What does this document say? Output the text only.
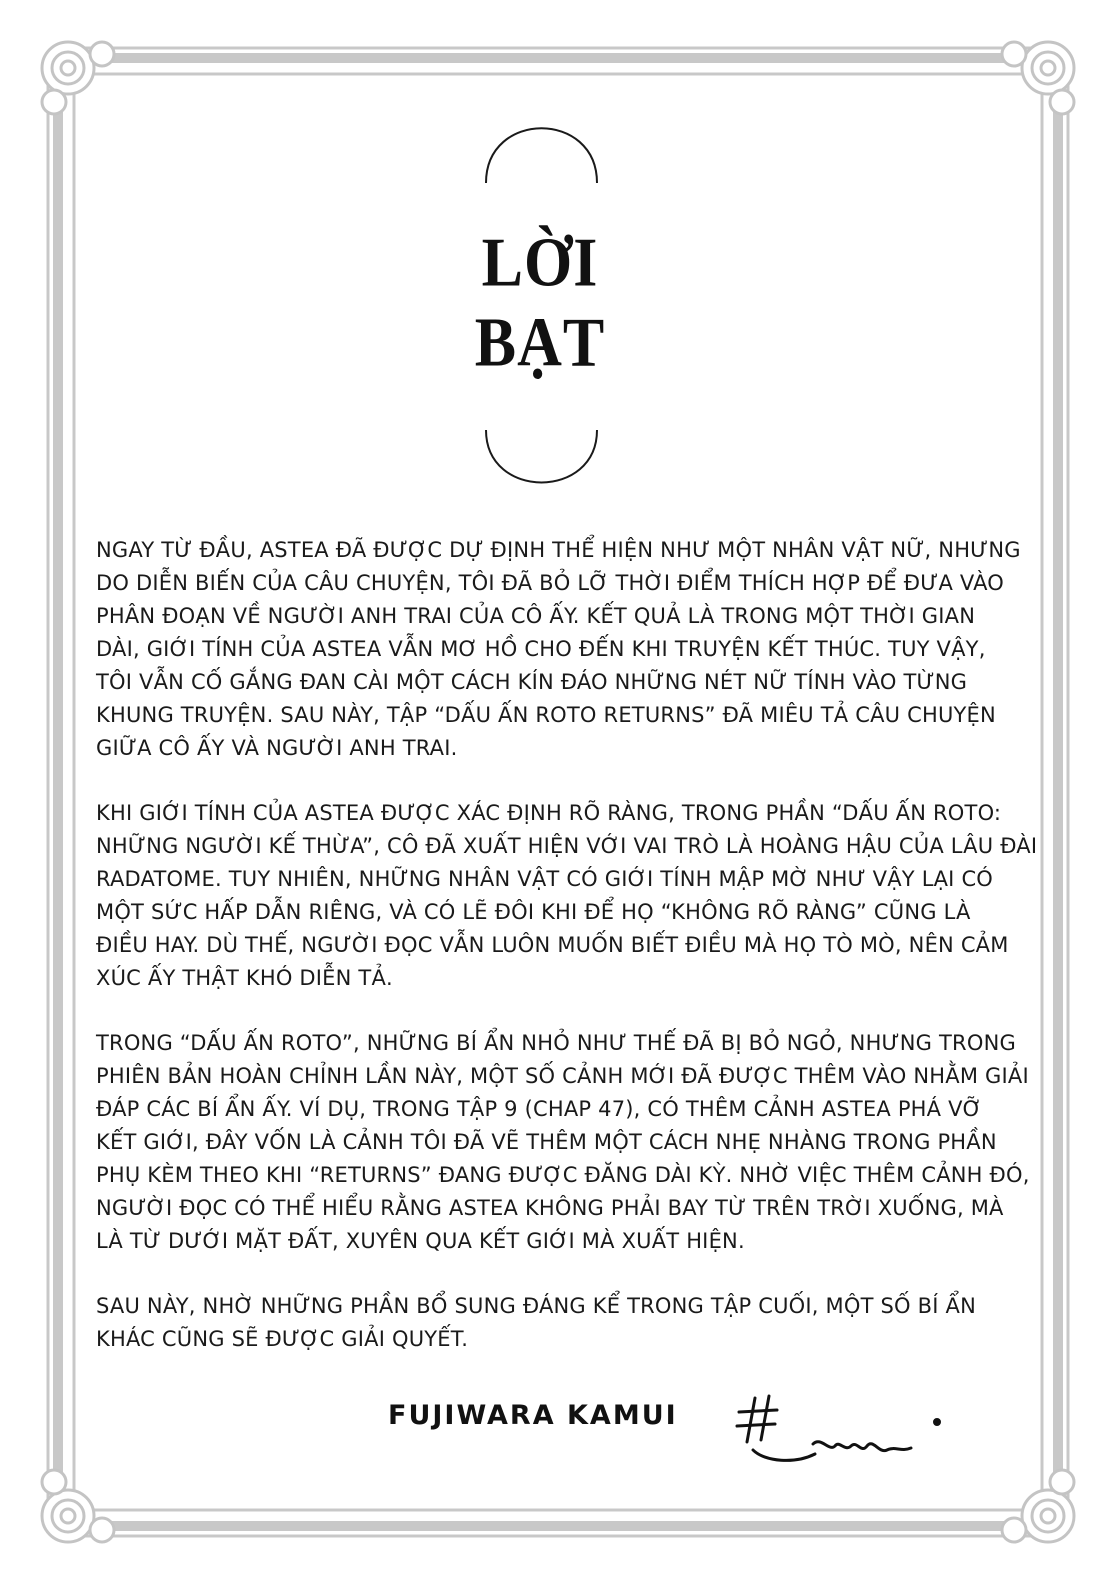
LỜI
BẠT
NGAY TỪ ĐẦU, ASTEA ĐÃ ĐƯỢC DỰ ĐỊNH THỂ HIỆN NHƯ MỘT NHÂN VẬT NỮ, NHƯNG
DO DIỄN BIẾN CỦA CÂU CHUYỆN, TÔI ĐÃ BỎ LỠ THỜI ĐIỂM THÍCH HỢP ĐỂ ĐƯA VÀO
PHÂN ĐOẠN VỀ NGƯỜI ANH TRAI CỦA CÔ ẤY. KẾT QUẢ LÀ TRONG MỘT THỜI GIAN
DÀI, GIỚI TÍNH CỦA ASTEA VẪN MƠ HỒ CHO ĐẾN KHI TRUYỆN KẾT THÚC. TUY VẬY,
TÔI VẪN CỐ GẮNG ĐAN CÀI MỘT CÁCH KÍN ĐÁO NHỮNG NÉT NỮ TÍNH VÀO TỪNG
KHUNG TRUYỆN. SAU NÀY, TẬP “DẤU ẤN ROTO RETURNS” ĐÃ MIÊU TẢ CÂU CHUYỆN
GIỮA CÔ ẤY VÀ NGƯỜI ANH TRAI.
KHI GIỚI TÍNH CỦA ASTEA ĐƯỢC XÁC ĐỊNH RÕ RÀNG, TRONG PHẦN “DẤU ẤN ROTO:
NHỮNG NGƯỜI KẾ THỪA”, CÔ ĐÃ XUẤT HIỆN VỚI VAI TRÒ LÀ HOÀNG HẬU CỦA LÂU ĐÀI
RADATOME. TUY NHIÊN, NHỮNG NHÂN VẬT CÓ GIỚI TÍNH MẬP MỜ NHƯ VẬY LẠI CÓ
MỘT SỨC HẤP DẪN RIÊNG, VÀ CÓ LẼ ĐÔI KHI ĐỂ HỌ “KHÔNG RÕ RÀNG” CŨNG LÀ
ĐIỀU HAY. DÙ THẾ, NGƯỜI ĐỌC VẪN LUÔN MUỐN BIẾT ĐIỀU MÀ HỌ TÒ MÒ, NÊN CẢM
XÚC ẤY THẬT KHÓ DIỄN TẢ.
TRONG “DẤU ẤN ROTO”, NHỮNG BÍ ẨN NHỎ NHƯ THẾ ĐÃ BỊ BỎ NGỎ, NHƯNG TRONG
PHIÊN BẢN HOÀN CHỈNH LẦN NÀY, MỘT SỐ CẢNH MỚI ĐÃ ĐƯỢC THÊM VÀO NHẰM GIẢI
ĐÁP CÁC BÍ ẨN ẤY. VÍ DỤ, TRONG TẬP 9 (CHAP 47), CÓ THÊM CẢNH ASTEA PHÁ VỠ
KẾT GIỚI, ĐÂY VỐN LÀ CẢNH TÔI ĐÃ VẼ THÊM MỘT CÁCH NHẸ NHÀNG TRONG PHẦN
PHỤ KÈM THEO KHI “RETURNS” ĐANG ĐƯỢC ĐĂNG DÀI KỲ. NHỜ VIỆC THÊM CẢNH ĐÓ,
NGƯỜI ĐỌC CÓ THỂ HIỂU RẰNG ASTEA KHÔNG PHẢI BAY TỪ TRÊN TRỜI XUỐNG, MÀ
LÀ TỪ DƯỚI MẶT ĐẤT, XUYÊN QUA KẾT GIỚI MÀ XUẤT HIỆN.
SAU NÀY, NHỜ NHỮNG PHẦN BỔ SUNG ĐÁNG KỂ TRONG TẬP CUỐI, MỘT SỐ BÍ ẨN
KHÁC CŨNG SẼ ĐƯỢC GIẢI QUYẾT.
FUJIWARA KAMUI
